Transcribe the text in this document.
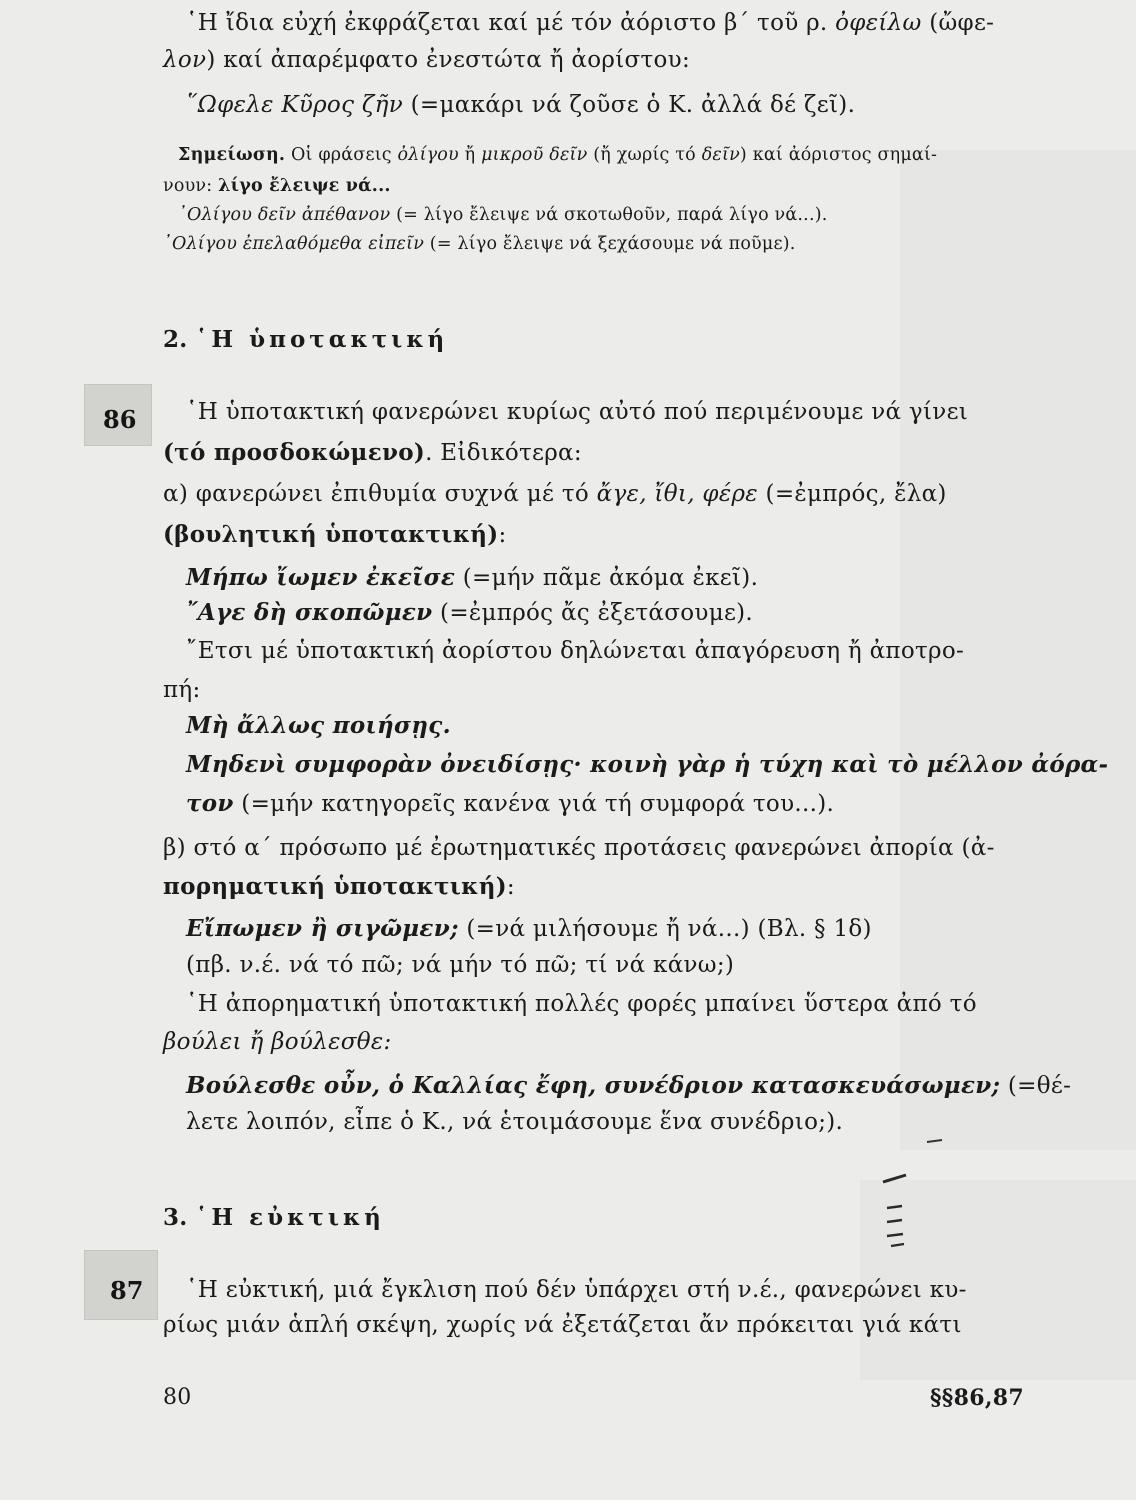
῾Η ἴδια εὐχή ἐκφράζεται καί μέ τόν ἀόριστο β΄ τοῦ ρ. ὀφείλω (ὤφε-
λον) καί ἀπαρέμφατο ἐνεστώτα ἤ ἀορίστου:
῞Ωφελε Κῦρος ζῆν (=μακάρι νά ζοῦσε ὁ Κ. ἀλλά δέ ζεῖ).
Σημείωση. Οἱ φράσεις ὀλίγου ἤ μικροῦ δεῖν (ἤ χωρίς τό δεῖν) καί ἀόριστος σημαί-
νουν: λίγο ἔλειψε νά...
᾿Ολίγου δεῖν ἀπέθανον (= λίγο ἔλειψε νά σκοτωθοῦν, παρά λίγο νά...).
᾿Ολίγου ἐπελαθόμεθα εἰπεῖν (= λίγο ἔλειψε νά ξεχάσουμε νά ποῦμε).
2. ῾Η ὑποτακτική
86 ῾Η ὑποτακτική φανερώνει κυρίως αὐτό πού περιμένουμε νά γίνει
(τό προσδοκώμενο). Εἰδικότερα:
α) φανερώνει ἐπιθυμία συχνά μέ τό ἄγε, ἴθι, φέρε (=ἐμπρός, ἔλα)
(βουλητική ὑποτακτική):
Μήπω ἴωμεν ἐκεῖσε (=μήν πᾶμε ἀκόμα ἐκεῖ).
῎Αγε δὴ σκοπῶμεν (=ἐμπρός ἄς ἐξετάσουμε).
῎Ετσι μέ ὑποτακτική ἀορίστου δηλώνεται ἀπαγόρευση ἤ ἀποτρο-
πή:
Μὴ ἄλλως ποιήσῃς.
Μηδενὶ συμφορὰν ὀνειδίσῃς· κοινὴ γὰρ ἡ τύχη καὶ τὸ μέλλον ἀόρα-
τον (=μήν κατηγορεῖς κανένα γιά τή συμφορά του...).
β) στό α΄ πρόσωπο μέ ἐρωτηματικές προτάσεις φανερώνει ἀπορία (ἀ-
πορηματική ὑποτακτική):
Εἴπωμεν ἢ σιγῶμεν; (=νά μιλήσουμε ἤ νά...) (Βλ. § 1δ)
(πβ. ν.έ. νά τό πῶ; νά μήν τό πῶ; τί νά κάνω;)
῾Η ἀπορηματική ὑποτακτική πολλές φορές μπαίνει ὕστερα ἀπό τό
βούλει ἤ βούλεσθε:
Βούλεσθε οὖν, ὁ Καλλίας ἔφη, συνέδριον κατασκευάσωμεν; (=θέ-
λετε λοιπόν, εἶπε ὁ Κ., νά ἑτοιμάσουμε ἕνα συνέδριο;).
3. ῾Η εὐκτική
87 ῾Η εὐκτική, μιά ἔγκλιση πού δέν ὑπάρχει στή ν.έ., φανερώνει κυ-
ρίως μιάν ἁπλή σκέψη, χωρίς νά ἐξετάζεται ἄν πρόκειται γιά κάτι
80	§§86,87
